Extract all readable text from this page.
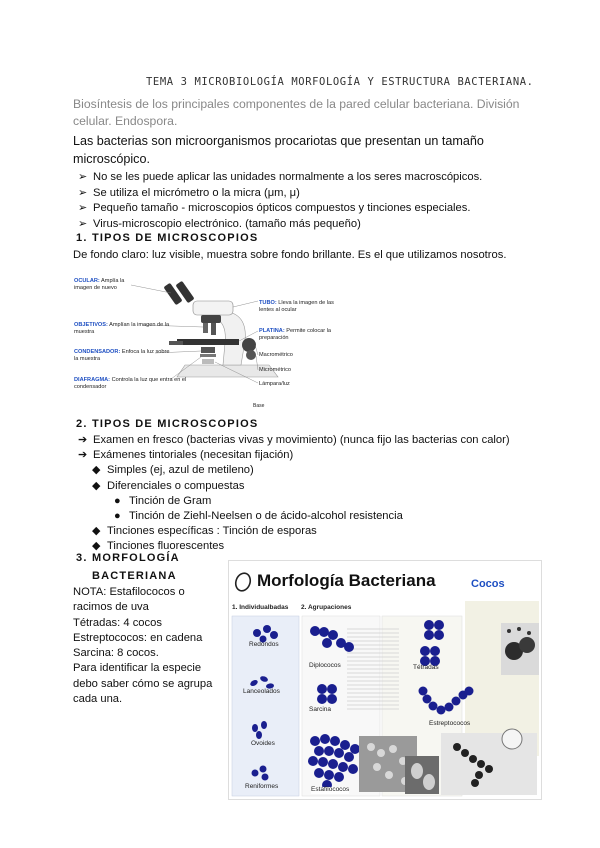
TEMA 3 MICROBIOLOGÍA MORFOLOGÍA Y ESTRUCTURA BACTERIANA.
Biosíntesis de los principales componentes de la pared celular bacteriana. División celular. Endospora.
Las bacterias son microorganismos procariotas que presentan un tamaño microscópico.
➢ No se les puede aplicar las unidades normalmente a los seres macroscópicos.
➢ Se utiliza el micrómetro o la micra (μm, μ)
➢ Pequeño tamaño - microscopios ópticos compuestos y tinciones especiales.
➢ Virus-microscopio electrónico. (tamaño más pequeño)
1. TIPOS DE MICROSCOPIOS
De fondo claro: luz visible, muestra sobre fondo brillante. Es el que utilizamos nosotros.
OCULAR: Amplía la imagen de nuevo
OBJETIVOS: Amplían la imagen de la muestra
CONDENSADOR: Enfoca la luz sobre la muestra
DIAFRAGMA: Controla la luz que entra en el condensador
TUBO: Lleva la imagen de las lentes al ocular
PLATINA: Permite colocar la preparación
Macrométrico
Micrométrico
Lámpara/luz
Base
2. TIPOS DE MICROSCOPIOS
➔ Examen en fresco (bacterias vivas y movimiento) (nunca fijo las bacterias con calor)
➔ Exámenes tintoriales (necesitan fijación)
◆ Simples (ej, azul de metileno)
◆ Diferenciales o compuestas
● Tinción de Gram
● Tinción de Ziehl-Neelsen o de ácido-alcohol resistencia
◆ Tinciones específicas : Tinción de esporas
◆ Tinciones fluorescentes
3. MORFOLOGÍA
BACTERIANA
NOTA: Estafilococos o
racimos de uva
Tétradas: 4 cocos
Estreptococos: en cadena
Sarcina: 8 cocos.
Para identificar la especie
debo saber cómo se agrupa
cada una.
Morfología Bacteriana	Cocos
1. Individualbadas 2. Agrupaciones
Redondos
Lanceolados
Ovoides
Reniformes
Diplococos
Sarcina
Estafilococos
Tétradas
Estreptococos
